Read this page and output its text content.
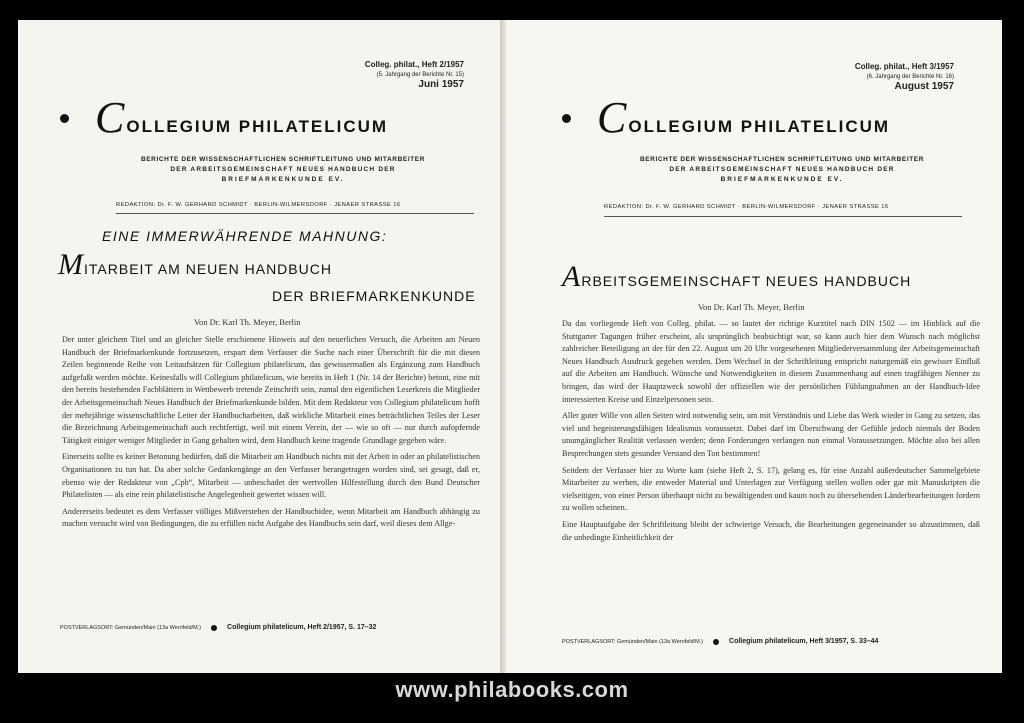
Colleg. philat., Heft 2/1957
(5. Jahrgang der Berichte Nr. 15)
Juni 1957
C OLLEGIUM PHILATELICUM
BERICHTE DER WISSENSCHAFTLICHEN SCHRIFTLEITUNG UND MITARBEITER
DER ARBEITSGEMEINSCHAFT NEUES HANDBUCH DER
BRIEFMARKENKUNDE EV.
REDAKTION: Dr. F. W. GERHARD SCHMIDT · BERLIN-WILMERSDORF · JENAER STRASSE 16
EINE IMMERWÄHRENDE MAHNUNG:
MITARBEIT AM NEUEN HANDBUCH
DER BRIEFMARKENKUNDE
Von Dr. Karl Th. Meyer, Berlin

Der unter gleichem Titel und an gleicher Stelle erschienene Hinweis auf den neuerlichen Versuch, die Arbeiten am Neuen Handbuch der Briefmarkenkunde fortzusetzen, erspart dem Verfasser die Suche nach einer Überschrift für die mit diesen Zeilen beginnende Reihe von Leitaufsätzen für Collegium philatelicum, das gewissermaßen als Ergänzung zum Handbuch aufgefaßt werden möchte. Keinesfalls will Collegium philatelicum, wie bereits in Heft 1 (Nr. 14 der Berichte) betont, eine mit den bereits bestehenden Fachblättern in Wettbewerb tretende Zeitschrift sein, zumal den eigentlichen Leserkreis die Mitglieder der Arbeitsgemeinschaft Neues Handbuch der Briefmarkenkunde bilden. Mit dem Redakteur von Collegium philatelicum hofft der mehrjährige wissenschaftliche Leiter der Handbucharbeiten, daß wirkliche Mitarbeit eines beträchtlichen Teiles der Leser die Bezeichnung Arbeitsgemeinschaft auch rechtfertigt, weil mit einem Verein, der — wie so oft — nur durch aufopfernde Tätigkeit einiger weniger Mitglieder in Gang gehalten wird, dem Handbuch keine tragende Grundlage gegeben wäre.

Einerseits sollte es keiner Betonung bedürfen, daß die Mitarbeit am Handbuch nichts mit der Arbeit in oder an philatelistischen Organisationen zu tun hat. Da aber solche Gedankengänge an den Verfasser herangetragen worden sind, sei gesagt, daß er, ebenso wie der Redakteur von „Cph“, Mitarbeit — unbeschadet der wertvollen Hilfestellung durch den Bund Deutscher Philatelisten — als eine rein philatelistische Angelegenheit gewertet wissen will.

Andererseits bedeutet es dem Verfasser völliges Mißverstehen der Handbuchidee, wenn Mitarbeit am Handbuch abhängig zu machen versucht wird von Bedingungen, die zu erfüllen nicht Aufgabe des Handbuchs sein darf, weil dieses dem Allge-

POSTVERLAGSORT: Gemünden/Main (13a Wernfeld/M.)	Collegium philatelicum, Heft 2/1957, S. 17–32
Colleg. philat., Heft 3/1957
(6. Jahrgang der Berichte Nr. 16)
August 1957
C OLLEGIUM PHILATELICUM
BERICHTE DER WISSENSCHAFTLICHEN SCHRIFTLEITUNG UND MITARBEITER
DER ARBEITSGEMEINSCHAFT NEUES HANDBUCH DER
BRIEFMARKENKUNDE EV.
REDAKTION: Dr. F. W. GERHARD SCHMIDT · BERLIN-WILMERSDORF · JENAER STRASSE 16
ARBEITSGEMEINSCHAFT NEUES HANDBUCH
Von Dr. Karl Th. Meyer, Berlin

Da das vorliegende Heft von Colleg. philat. — so lautet der richtige Kurztitel nach DIN 1502 — im Hinblick auf die Stuttgarter Tagungen früher erscheint, als ursprünglich beabsichtigt war, so kann auch hier dem Wunsch nach möglichst zahlreicher Beteiligung an der für den 22. August um 20 Uhr vorgesehenen Mitgliederversammlung der Arbeitsgemeinschaft Neues Handbuch Ausdruck gegeben werden. Dem Wechsel in der Schriftleitung entspricht naturgemäß ein gewisser Einfluß auf die Arbeiten am Handbuch. Wünsche und Notwendigkeiten in diesem Zusammenhang auf einen tragfähigen Nenner zu bringen, das wird der Hauptzweck sowohl der offiziellen wie der persönlichen Fühlungnahmen an der Handbuch-Idee interessierten Kreise und Einzelpersonen sein.

Aller guter Wille von allen Seiten wird notwendig sein, um mit Verständnis und Liebe das Werk wieder in Gang zu setzen, das viel und begeisterungsfähigen Idealismus voraussetzt. Dabei darf im Überschwang der Gefühle jedoch niemals der Boden unumgänglicher Realität verlassen werden; denn Forderungen verlangen nun einmal Voraussetzungen. Möchte also bei allen Besprechungen stets gesunder Verstand den Ton bestimmen!

Seitdem der Verfasser hier zu Worte kam (siehe Heft 2, S. 17), gelang es, für eine Anzahl außerdeutscher Sammelgebiete Mitarbeiter zu werben, die entweder Material und Unterlagen zur Verfügung stellen wollen oder gar mit Manuskripten die vielseitigen, von einer Person überhaupt nicht zu bewältigenden und kaum noch zu übersehenden Länderbearbeitungen fordern zu wollen scheinen.

Eine Hauptaufgabe der Schriftleitung bleibt der schwierige Versuch, die Bearbeitungen gegeneinander so abzustimmen, daß die unbedingte Einheitlichkeit der

POSTVERLAGSORT: Gemünden/Main (13a Wernfeld/M.)	Collegium philatelicum, Heft 3/1957, S. 33–44
www.philabooks.com
